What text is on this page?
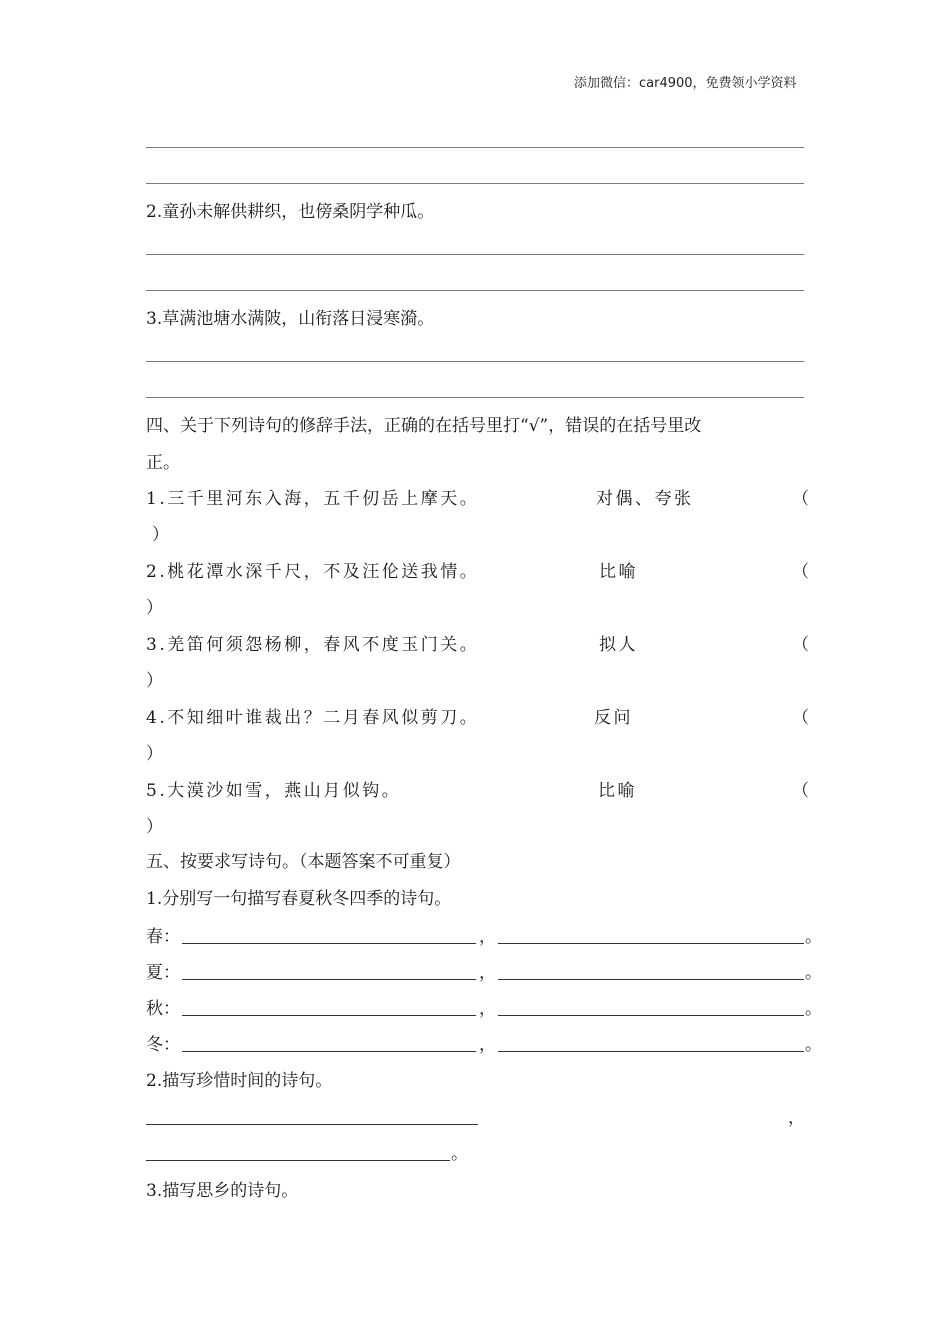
添加微信：car4900，免费领小学资料
2.童孙未解供耕织，也傍桑阴学种瓜。
3.草满池塘水满陂，山衔落日浸寒漪。
四、关于下列诗句的修辞手法，正确的在括号里打“√”，错误的在括号里改
正。
1.三千里河东入海，五千仞岳上摩天。	对偶、夸张	（
）
2.桃花潭水深千尺，不及汪伦送我情。	比喻	（
）
3.羌笛何须怨杨柳，春风不度玉门关。	拟人	（
）
4.不知细叶谁裁出？二月春风似剪刀。	反问	（
）
5.大漠沙如雪，燕山月似钩。	比喻	（
）
五、按要求写诗句。（本题答案不可重复）
1.分别写一句描写春夏秋冬四季的诗句。
春：	，	。
夏：	，	。
秋：	，	。
冬：	，	。
2.描写珍惜时间的诗句。
，
。
3.描写思乡的诗句。
